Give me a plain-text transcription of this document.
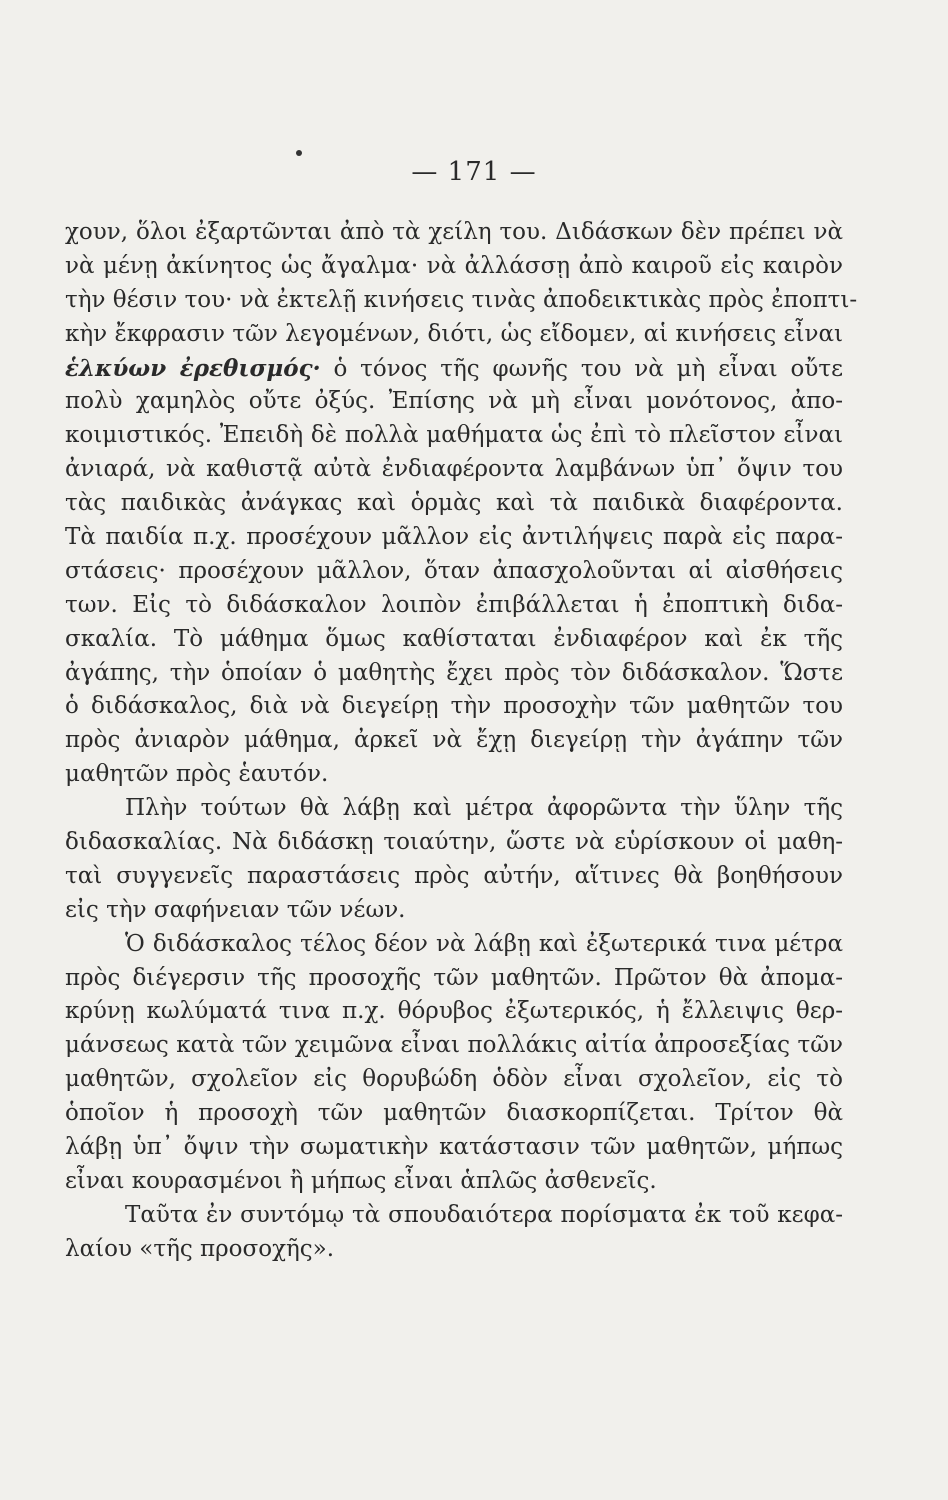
— 171 —
χουν, ὅλοι ἐξαρτῶνται ἀπὸ τὰ χείλη του. Διδάσκων δὲν πρέπει νὰ
νὰ μένῃ ἀκίνητος ὡς ἄγαλμα· νὰ ἀλλάσσῃ ἀπὸ καιροῦ εἰς καιρὸν
τὴν θέσιν του· νὰ ἐκτελῇ κινήσεις τινὰς ἀποδεικτικὰς πρὸς ἐποπτι-
κὴν ἔκφρασιν τῶν λεγομένων, διότι, ὡς εἴδομεν, αἱ κινήσεις εἶναι
ἑλκύων ἐρεθισμός· ὁ τόνος τῆς φωνῆς του νὰ μὴ εἶναι οὔτε
πολὺ χαμηλὸς οὔτε ὀξύς. Ἐπίσης νὰ μὴ εἶναι μονότονος, ἀπο-
κοιμιστικός. Ἐπειδὴ δὲ πολλὰ μαθήματα ὡς ἐπὶ τὸ πλεῖστον εἶναι
ἀνιαρά, νὰ καθιστᾷ αὐτὰ ἐνδιαφέροντα λαμβάνων ὑπ᾿ ὄψιν του
τὰς παιδικὰς ἀνάγκας καὶ ὁρμὰς καὶ τὰ παιδικὰ διαφέροντα.
Τὰ παιδία π.χ. προσέχουν μᾶλλον εἰς ἀντιλήψεις παρὰ εἰς παρα-
στάσεις· προσέχουν μᾶλλον, ὅταν ἀπασχολοῦνται αἱ αἰσθήσεις
των. Εἰς τὸ διδάσκαλον λοιπὸν ἐπιβάλλεται ἡ ἐποπτικὴ διδα-
σκαλία. Τὸ μάθημα ὅμως καθίσταται ἐνδιαφέρον καὶ ἐκ τῆς
ἀγάπης, τὴν ὁποίαν ὁ μαθητὴς ἔχει πρὸς τὸν διδάσκαλον. Ὥστε
ὁ διδάσκαλος, διὰ νὰ διεγείρῃ τὴν προσοχὴν τῶν μαθητῶν του
πρὸς ἀνιαρὸν μάθημα, ἀρκεῖ νὰ ἔχῃ διεγείρῃ τὴν ἀγάπην τῶν
μαθητῶν πρὸς ἑαυτόν.
Πλὴν τούτων θὰ λάβῃ καὶ μέτρα ἀφορῶντα τὴν ὕλην τῆς
διδασκαλίας. Νὰ διδάσκῃ τοιαύτην, ὥστε νὰ εὑρίσκουν οἱ μαθη-
ταὶ συγγενεῖς παραστάσεις πρὸς αὐτήν, αἵτινες θὰ βοηθήσουν
εἰς τὴν σαφήνειαν τῶν νέων.
Ὁ διδάσκαλος τέλος δέον νὰ λάβῃ καὶ ἐξωτερικά τινα μέτρα
πρὸς διέγερσιν τῆς προσοχῆς τῶν μαθητῶν. Πρῶτον θὰ ἀπομα-
κρύνῃ κωλύματά τινα π.χ. θόρυβος ἐξωτερικός, ἡ ἔλλειψις θερ-
μάνσεως κατὰ τῶν χειμῶνα εἶναι πολλάκις αἰτία ἀπροσεξίας τῶν
μαθητῶν, σχολεῖον εἰς θορυβώδη ὁδὸν εἶναι σχολεῖον, εἰς τὸ
ὁποῖον ἡ προσοχὴ τῶν μαθητῶν διασκορπίζεται. Τρίτον θὰ
λάβῃ ὑπ᾿ ὄψιν τὴν σωματικὴν κατάστασιν τῶν μαθητῶν, μήπως
εἶναι κουρασμένοι ἢ μήπως εἶναι ἁπλῶς ἀσθενεῖς.
Ταῦτα ἐν συντόμῳ τὰ σπουδαιότερα πορίσματα ἐκ τοῦ κεφα-
λαίου «τῆς προσοχῆς».
